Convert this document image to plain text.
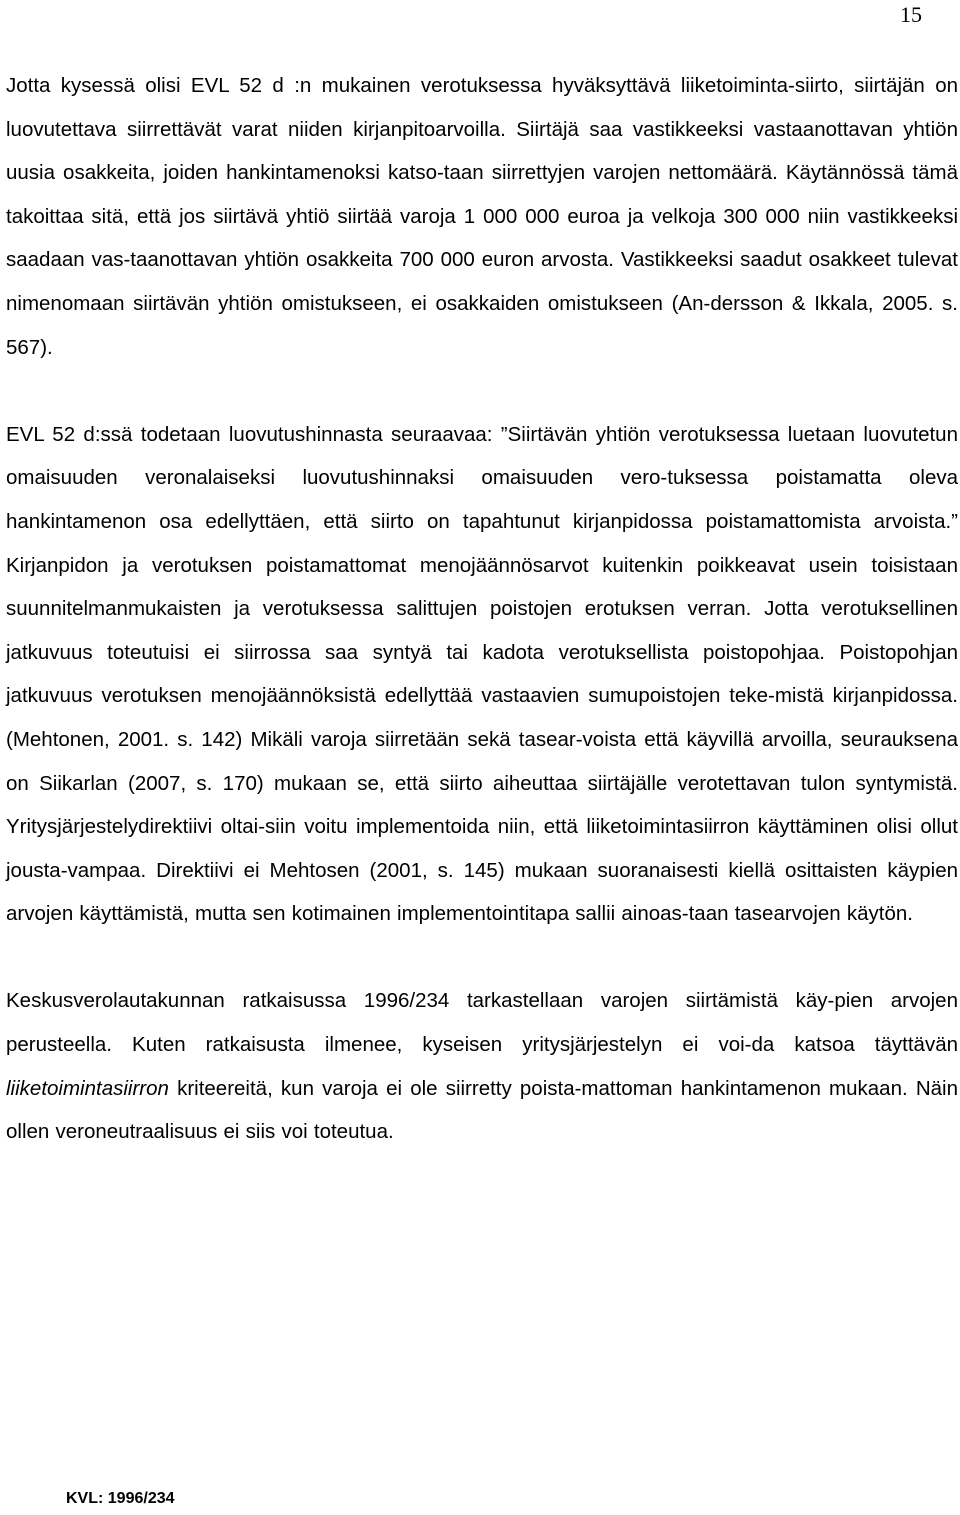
15

Jotta kysessä olisi EVL 52 d :n mukainen verotuksessa hyväksyttävä liiketoiminta-siirto, siirtäjän on luovutettava siirrettävät varat niiden kirjanpitoarvoilla. Siirtäjä saa vastikkeeksi vastaanottavan yhtiön uusia osakkeita, joiden hankintamenoksi katso-taan siirrettyjen varojen nettomäärä. Käytännössä tämä takoittaa sitä, että jos siirtävä yhtiö siirtää varoja 1 000 000 euroa ja velkoja 300 000 niin vastikkeeksi saadaan vas-taanottavan yhtiön osakkeita 700 000 euron arvosta. Vastikkeeksi saadut osakkeet tulevat nimenomaan siirtävän yhtiön omistukseen, ei osakkaiden omistukseen (An-dersson & Ikkala, 2005. s. 567).

EVL 52 d:ssä todetaan luovutushinnasta seuraavaa: ”Siirtävän yhtiön verotuksessa luetaan luovutetun omaisuuden veronalaiseksi luovutushinnaksi omaisuuden vero-tuksessa poistamatta oleva hankintamenon osa edellyttäen, että siirto on tapahtunut kirjanpidossa poistamattomista arvoista.” Kirjanpidon ja verotuksen poistamattomat menojäännösarvot kuitenkin poikkeavat usein toisistaan suunnitelmanmukaisten ja verotuksessa salittujen poistojen erotuksen verran. Jotta verotuksellinen jatkuvuus toteutuisi ei siirrossa saa syntyä tai kadota verotuksellista poistopohjaa. Poistopohjan jatkuvuus verotuksen menojäännöksistä edellyttää vastaavien sumupoistojen teke-mistä kirjanpidossa. (Mehtonen, 2001. s. 142) Mikäli varoja siirretään sekä tasear-voista että käyvillä arvoilla, seurauksena on Siikarlan (2007, s. 170) mukaan se, että siirto aiheuttaa siirtäjälle verotettavan tulon syntymistä. Yritysjärjestelydirektiivi oltai-siin voitu implementoida niin, että liiketoimintasiirron käyttäminen olisi ollut jousta-vampaa. Direktiivi ei Mehtosen (2001, s. 145) mukaan suoranaisesti kiellä osittaisten käypien arvojen käyttämistä, mutta sen kotimainen implementointitapa sallii ainoas-taan tasearvojen käytön.

Keskusverolautakunnan ratkaisussa 1996/234 tarkastellaan varojen siirtämistä käy-pien arvojen perusteella. Kuten ratkaisusta ilmenee, kyseisen yritysjärjestelyn ei voi-da katsoa täyttävän liiketoimintasiirron kriteereitä, kun varoja ei ole siirretty poista-mattoman hankintamenon mukaan. Näin ollen veroneutraalisuus ei siis voi toteutua.

KVL: 1996/234
